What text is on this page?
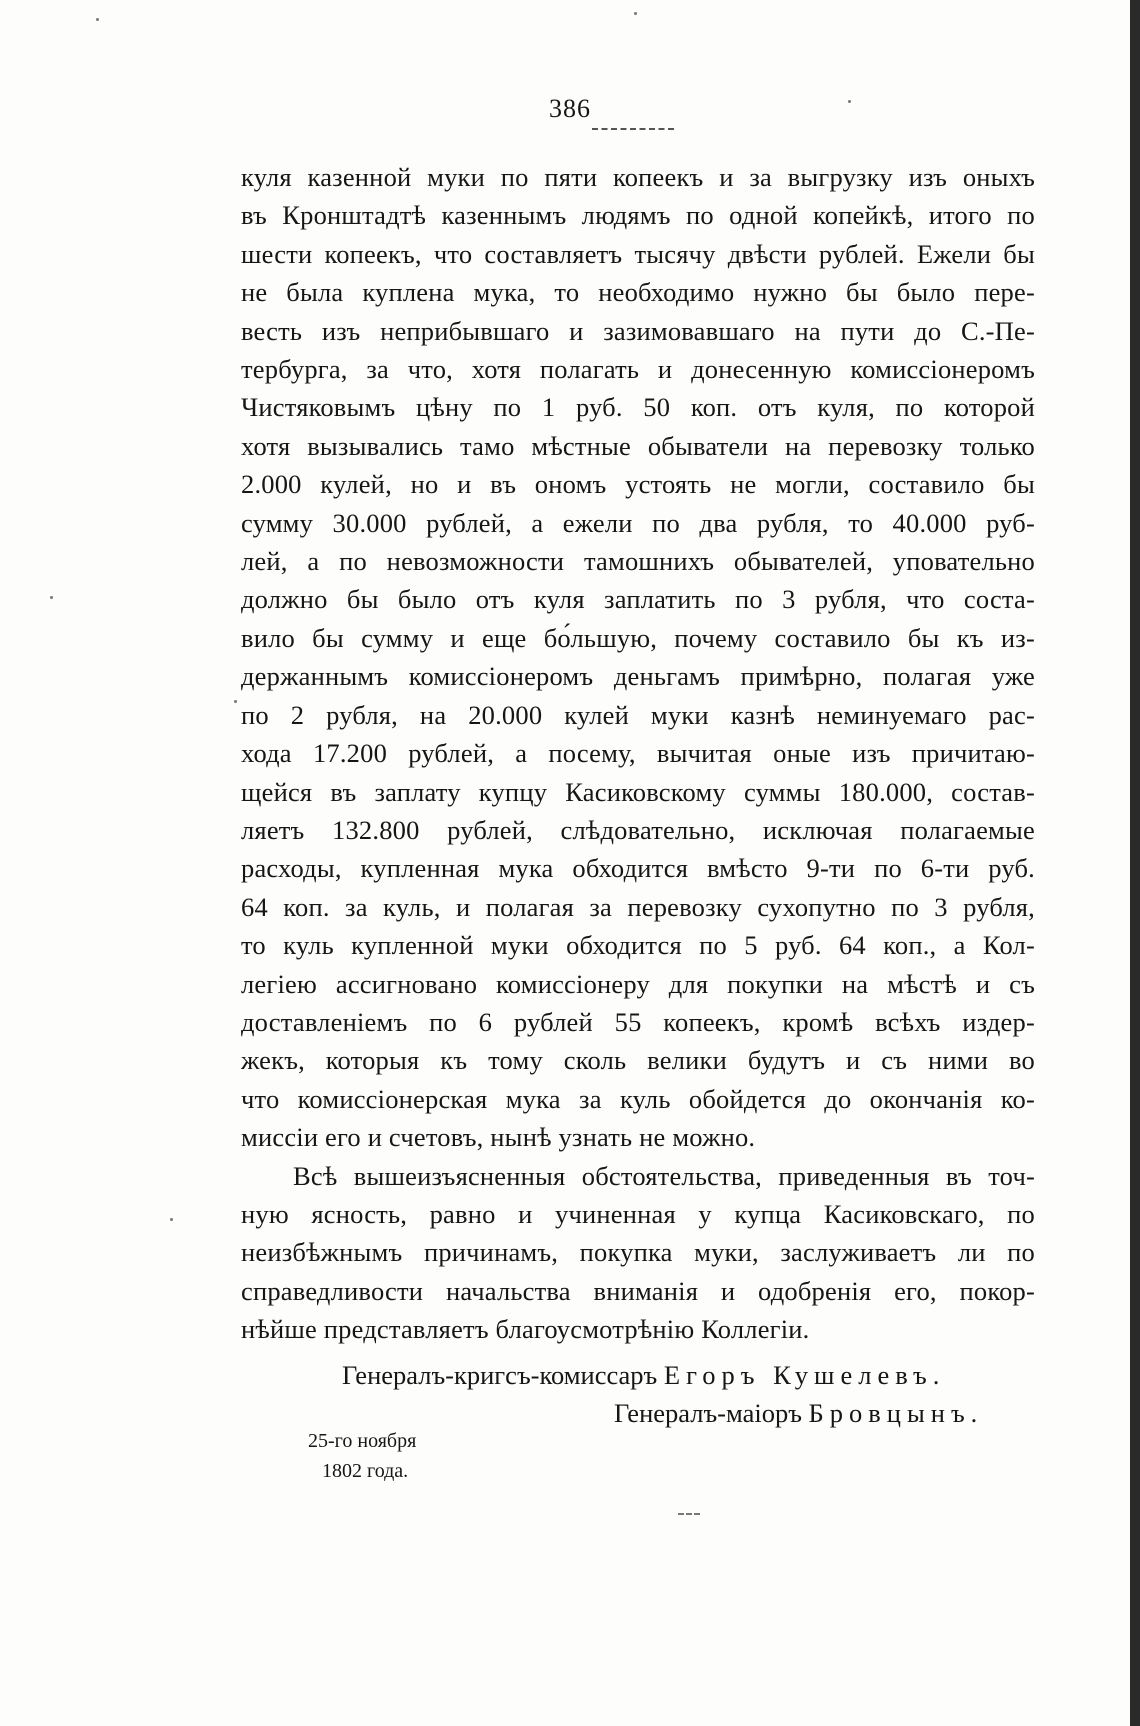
386
куля казенной муки по пяти копеекъ и за выгрузку изъ оныхъ
въ Кронштадтѣ казеннымъ людямъ по одной копейкѣ, итого по
шести копеекъ, что составляетъ тысячу двѣсти рублей. Ежели бы
не была куплена мука, то необходимо нужно бы было пере-
весть изъ неприбывшаго и зазимовавшаго на пути до С.-Пе-
тербурга, за что, хотя полагать и донесенную комиссіонеромъ
Чистяковымъ цѣну по 1 руб. 50 коп. отъ куля, по которой
хотя вызывались тамо мѣстные обыватели на перевозку только
2.000 кулей, но и въ ономъ устоять не могли, составило бы
сумму 30.000 рублей, а ежели по два рубля, то 40.000 руб-
лей, а по невозможности тамошнихъ обывателей, уповательно
должно бы было отъ куля заплатить по 3 рубля, что соста-
вило бы сумму и еще бо́льшую, почему составило бы къ из-
держаннымъ комиссіонеромъ деньгамъ примѣрно, полагая уже
по 2 рубля, на 20.000 кулей муки казнѣ неминуемаго рас-
хода 17.200 рублей, а посему, вычитая оные изъ причитаю-
щейся въ заплату купцу Касиковскому суммы 180.000, состав-
ляетъ 132.800 рублей, слѣдовательно, исключая полагаемые
расходы, купленная мука обходится вмѣсто 9-ти по 6-ти руб.
64 коп. за куль, и полагая за перевозку сухопутно по 3 рубля,
то куль купленной муки обходится по 5 руб. 64 коп., а Кол-
легіею ассигновано комиссіонеру для покупки на мѣстѣ и съ
доставленіемъ по 6 рублей 55 копеекъ, кромѣ всѣхъ издер-
жекъ, которыя къ тому сколь велики будутъ и съ ними во
что комиссіонерская мука за куль обойдется до окончанія ко-
миссіи его и счетовъ, нынѣ узнать не можно.
Всѣ вышеизъясненныя обстоятельства, приведенныя въ точ-
ную ясность, равно и учиненная у купца Касиковскаго, по
неизбѣжнымъ причинамъ, покупка муки, заслуживаетъ ли по
справедливости начальства вниманія и одобренія его, покор-
нѣйше представляетъ благоусмотрѣнію Коллегіи.
Генералъ-кригсъ-комиссаръ Егоръ Кушелевъ.
Генералъ-маіоръ Бровцынъ.
25-го ноября
1802 года.
